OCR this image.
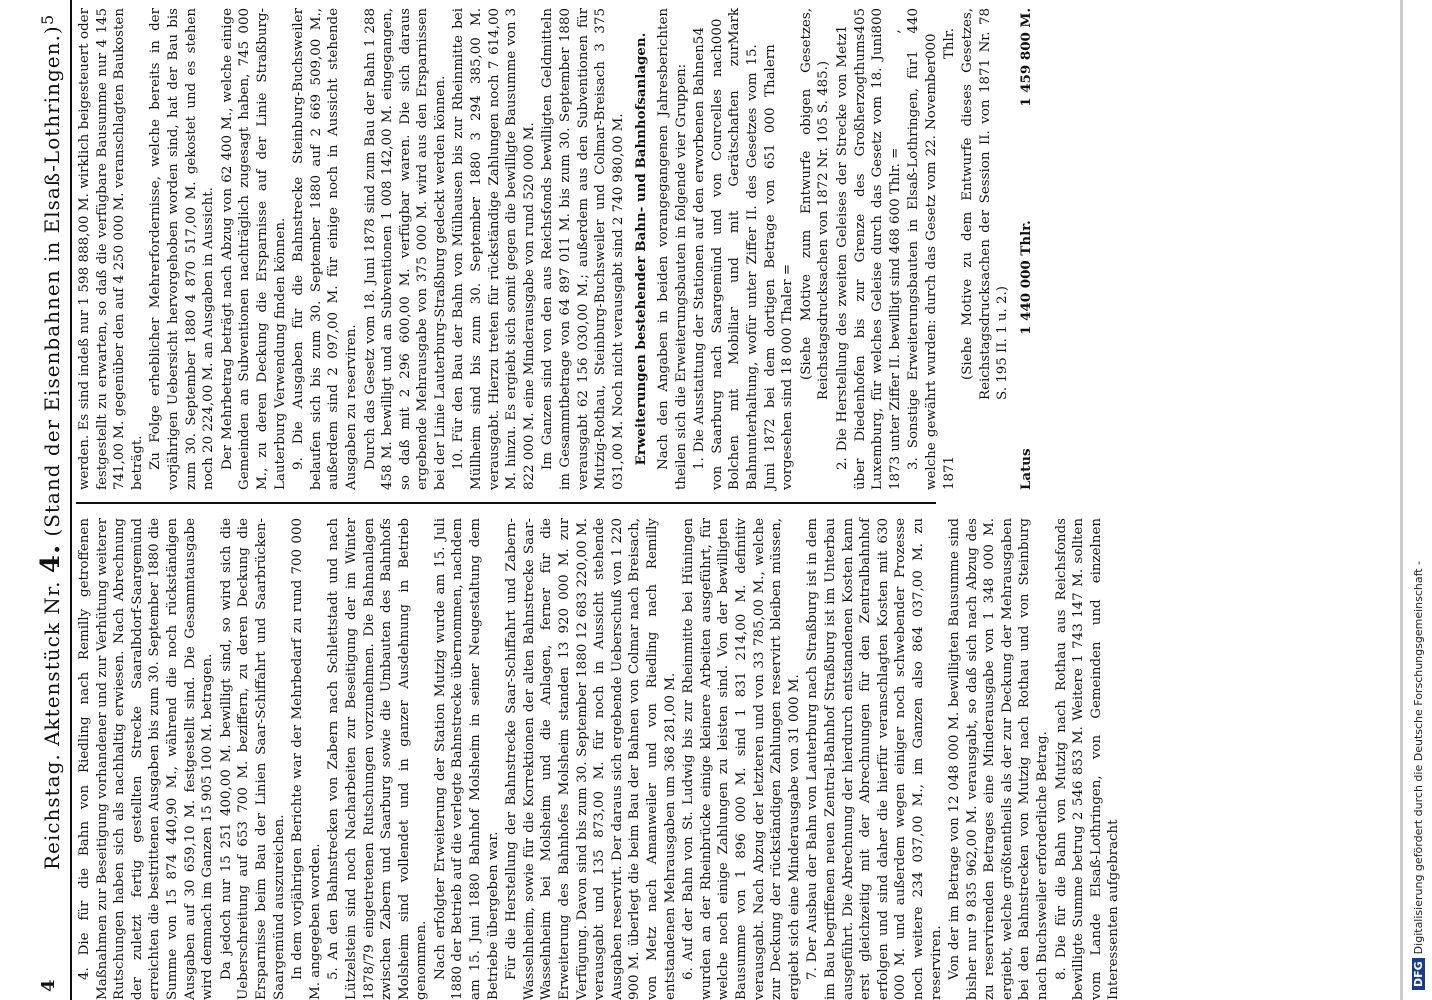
4
Reichstag. Aktenstück Nr. 4. (Stand der Eisenbahnen in Elsaß-Lothringen.)
5

4. Die für die Bahn von Riedling nach Remilly getroffenen Maßnahmen zur Beseitigung vorhandener und zur Verhütung weiterer Rutschungen haben sich als nachhaltig erwiesen. Nach Abrechnung der zuletzt fertig gestellten Strecke Saaralbdorf-Saargemünd erreichten die bestrittenen Ausgaben bis zum 30. September 1880 die Summe von 15 874 440,90 M., während die noch rückständigen Ausgaben auf 30 659,10 M. festgestellt sind. Die Gesammtausgabe wird demnach im Ganzen 15 905 100 M. betragen. Da jedoch nur 15 251 400,00 M. bewilligt sind, so wird sich die Ueberschreitung auf 653 700 M. beziffern, zu deren Deckung die Ersparnisse beim Bau der Linien Saar-Schiffahrt und Saarbrücken-Saargemünd auszureichen. In dem vorjährigen Berichte war der Mehrbedarf zu rund 700 000 M. angegeben worden. 5. An den Bahnstrecken von Zabern nach Schlettstadt und nach Lützelstein sind noch Nacharbeiten zur Beseitigung der im Winter 1878/79 eingetretenen Rutschungen vorzunehmen. Die Bahnanlagen zwischen Zabern und Saarburg sowie die Umbauten des Bahnhofs Molsheim sind vollendet und in ganzer Ausdehnung in Betrieb genommen. Nach erfolgter Erweiterung der Station Mutzig wurde am 15. Juli 1880 der Betrieb auf die verlegte Bahnstrecke übernommen, nachdem am 15. Juni 1880 Bahnhof Molsheim in seiner Neugestaltung dem Betriebe übergeben war. Für die Herstellung der Bahnstrecke Saar-Schiffahrt und Zabern-Wasselnheim, sowie für die Korrektionen der alten Bahnstrecke Saar-Wasselnheim bei Molsheim und die Anlagen, ferner für die Erweiterung des Bahnhofes Molsheim standen 13 920 000 M. zur Verfügung. Davon sind bis zum 30. September 1880 12 683 220,00 M. verausgabt und 135 873,00 M. für noch in Aussicht stehende Ausgaben reservirt. Der daraus sich ergebende Ueberschuß von 1 220 900 M. überlegt die beim Bau der Bahnen von Colmar nach Breisach, von Metz nach Amanweiler und von Riedling nach Remilly entstandenen Mehrausgaben um 368 281,00 M. 6. Auf der Bahn von St. Ludwig bis zur Rheinmitte bei Hüningen wurden an der Rheinbrücke einige kleinere Arbeiten ausgeführt, für welche noch einige Zahlungen zu leisten sind. Von der bewilligten Bausumme von 1 896 000 M. sind 1 831 214,00 M. definitiv verausgabt. Nach Abzug der letzteren und von 33 785,00 M., welche zur Deckung der rückständigen Zahlungen reservirt bleiben müssen, ergiebt sich eine Minderausgabe von 31 000 M. 7. Der Ausbau der Bahn von Lauterburg nach Straßburg ist in dem im Bau begriffenen neuen Zentral-Bahnhof Straßburg ist im Unterbau ausgeführt. Die Abrechnung der hierdurch entstandenen Kosten kann erst gleichzeitig mit der Abrechnungen für den Zentralbahnhof erfolgen und sind daher die hierfür veranschlagten Kosten mit 630 000 M. und außerdem wegen einiger noch schwebender Prozesse noch weitere 234 037,00 M., im Ganzen also 864 037,00 M. zu reserviren. Von der im Betrage von 12 048 000 M. bewilligten Bausumme sind bisher nur 9 835 962,00 M. verausgabt, so daß sich nach Abzug des zu reservirenden Betrages eine Minderausgabe von 1 348 000 M. ergiebt, welche größtentheils als der zur Deckung der Mehrausgaben bei den Bahnstrecken von Mutzig nach Rothau und von Steinburg nach Buchsweiler erforderliche Betrag. 8. Die für die Bahn von Mutzig nach Rothau aus Reichsfonds bewilligte Summe betrug 2 546 853 M. Weitere 1 743 147 M. sollten vom Lande Elsaß-Lothringen, von Gemeinden und einzelnen Interessenten aufgebracht

werden. Es sind indeß nur 1 598 888,00 M. wirklich beigesteuert oder festgestellt zu erwarten, so daß die verfügbare Bausumme nur 4 145 741,00 M. gegenüber den auf 4 250 000 M. veranschlagten Baukosten beträgt. Zu Folge erheblicher Mehrerfordernisse, welche bereits in der vorjährigen Uebersicht hervorgehoben worden sind, hat der Bau bis zum 30. September 1880 4 870 517,00 M. gekostet und es stehen noch 20 224,00 M. an Ausgaben in Aussicht. Der Mehrbetrag beträgt nach Abzug von 62 400 M., welche einige Gemeinden an Subventionen nachträglich zugesagt haben, 745 000 M., zu deren Deckung die Ersparnisse auf der Linie Straßburg-Lauterburg Verwendung finden können. 9. Die Ausgaben für die Bahnstrecke Steinburg-Buchsweiler belaufen sich bis zum 30. September 1880 auf 2 669 509,00 M., außerdem sind 2 097,00 M. für einige noch in Aussicht stehende Ausgaben zu reserviren. Durch das Gesetz vom 18. Juni 1878 sind zum Bau der Bahn 1 288 458 M. bewilligt und an Subventionen 1 008 142,00 M. eingegangen, so daß mit 2 296 600,00 M. verfügbar waren. Die sich daraus ergebende Mehrausgabe von 375 000 M. wird aus den Ersparnissen bei der Linie Lauterburg-Straßburg gedeckt werden können. 10. Für den Bau der Bahn von Mülhausen bis zur Rheinmitte bei Müllheim sind bis zum 30. September 1880 3 294 385,00 M. verausgabt. Hierzu treten für rückständige Zahlungen noch 7 614,00 M. hinzu. Es ergiebt sich somit gegen die bewilligte Bausumme von 3 822 000 M. eine Minderausgabe von rund 520 000 M. Im Ganzen sind von den aus Reichsfonds bewilligten Geldmitteln im Gesammtbetrage von 64 897 011 M. bis zum 30. September 1880 verausgabt 62 156 030,00 M.; außerdem aus den Subventionen für Mutzig-Rothau, Steinburg-Buchsweiler und Colmar-Breisach 3 375 031,00 M. Noch nicht verausgabt sind 2 740 980,00 M. Erweiterungen bestehender Bahn- und Bahnhofsanlagen. Nach den Angaben in beiden vorangegangenen Jahresberichten theilen sich die Erweiterungsbauten in folgende vier Gruppen: 1. Die Ausstattung der Stationen auf den erworbenen Bahnen von Saarburg nach Saargemünd und von Courcelles nach Bolchen mit Mobiliar und mit Gerätschaften zur Bahnunterhaltung, wofür unter Ziffer II. des Gesetzes vom 15. Juni 1872 bei dem dortigen Betrage von 651 000 Thalern vorgesehen sind 18 000 Thaler =

54 000 Mark	(Siehe Motive zum Entwurfe obigen Gesetzes, Reichstagsdrucksachen von 1872 Nr. 105 S. 485.) 2. Die Herstellung des zweiten Geleises der Strecke von Metz über Diedenhofen bis zur Grenze des Großherzogthums Luxemburg, für welches Geleise durch das Gesetz vom 18. Juni 1873 unter Ziffer II. bewilligt sind 468 600 Thlr. =

1 405 800 ,

3. Sonstige Erweiterungsbauten in Elsaß-Lothringen, für welche gewährt wurden: durch das Gesetz vom 22. November 1871

1 440 000 Thlr. (Siehe Motive zu dem Entwurfe dieses Gesetzes, Reichstagsdrucksachen der Session II. von 1871 Nr. 78 S. 195 II. 1 u. 2.)

Latus
1 440 000 Thlr.
1 459 800 M.
DFGDigitalisierung gefördert durch die Deutsche Forschungsgemeinschaft -
